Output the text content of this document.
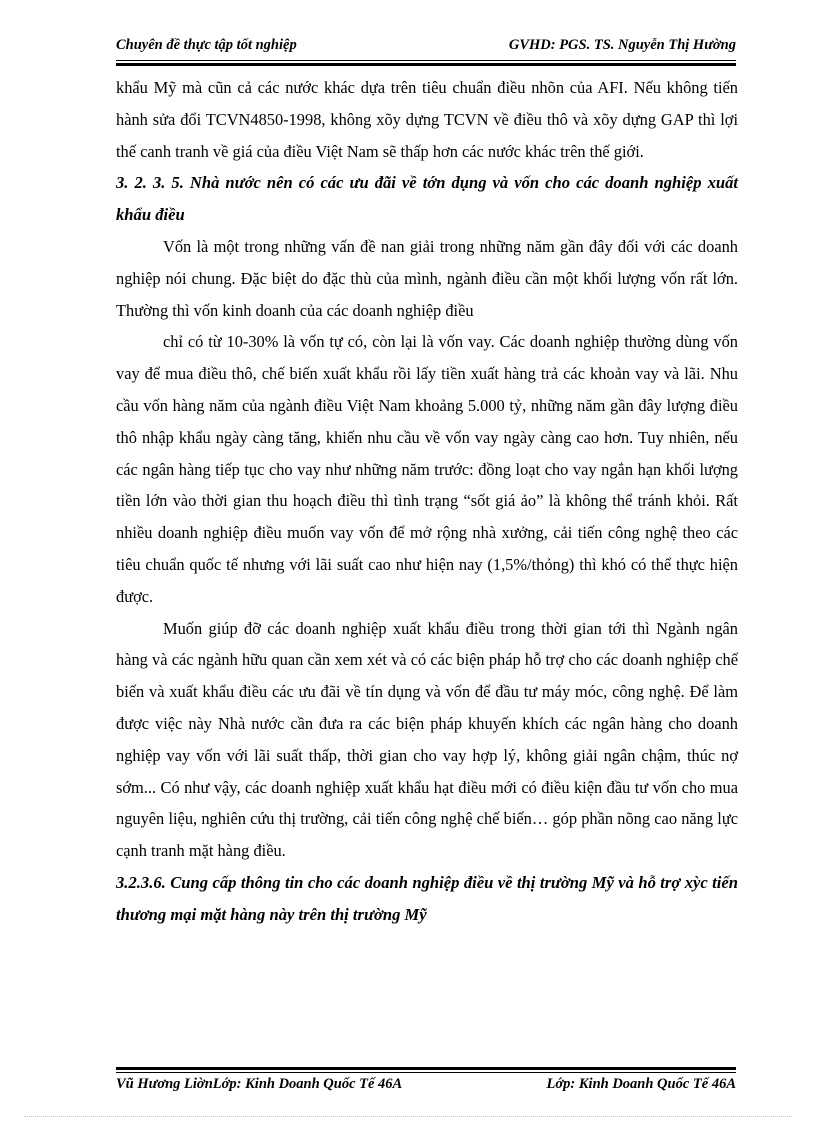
Chuyên đề thực tập tốt nghiệp	GVHD: PGS. TS. Nguyễn Thị Hường

khẩu Mỹ mà cũn cả các nước khác dựa trên tiêu chuẩn điều nhõn của AFI. Nếu không tiến hành sửa đổi TCVN4850-1998, không xõy dựng TCVN về điều thô và xõy dựng GAP thì lợi thế canh tranh về giá của điều Việt Nam sẽ thấp hơn các nước khác trên thế giới.

3. 2. 3. 5. Nhà nước nên có các ưu đãi về tớn dụng và vốn cho các doanh nghiệp xuất khẩu điều

Vốn là một trong những vấn đề nan giải trong những năm gần đây đối với các doanh nghiệp nói chung. Đặc biệt do đặc thù của mình, ngành điều cần một khối lượng vốn rất lớn. Thường thì vốn kinh doanh của các doanh nghiệp điều

chỉ có từ 10-30% là vốn tự có, còn lại là vốn vay. Các doanh nghiệp thường dùng vốn vay để mua điều thô, chế biến xuất khẩu rồi lấy tiền xuất hàng trả các khoản vay và lãi. Nhu cầu vốn hàng năm của ngành điều Việt Nam khoảng 5.000 tỷ, những năm gần đây lượng điều thô nhập khẩu ngày càng tăng, khiến nhu cầu về vốn vay ngày càng cao hơn. Tuy nhiên, nếu các ngân hàng tiếp tục cho vay như những năm trước: đồng loạt cho vay ngắn hạn khối lượng tiền lớn vào thời gian thu hoạch điều thì tình trạng “sốt giá ảo” là không thể tránh khỏi. Rất nhiều doanh nghiệp điều muốn vay vốn để mở rộng nhà xưởng, cải tiến công nghệ theo các tiêu chuẩn quốc tế nhưng với lãi suất cao như hiện nay (1,5%/thỏng) thì khó có thể thực hiện được.

Muốn giúp đỡ các doanh nghiệp xuất khẩu điều trong thời gian tới thì Ngành ngân hàng và các ngành hữu quan cần xem xét và có các biện pháp hỗ trợ cho các doanh nghiệp chế biến và xuất khẩu điều các ưu đãi về tín dụng và vốn để đầu tư máy móc, công nghệ. Để làm được việc này Nhà nước cần đưa ra các biện pháp khuyến khích các ngân hàng cho doanh nghiệp vay vốn với lãi suất thấp, thời gian cho vay hợp lý, không giải ngân chậm, thúc nợ sớm... Có như vậy, các doanh nghiệp xuất khẩu hạt điều mới có điều kiện đầu tư vốn cho mua nguyên liệu, nghiên cứu thị trường, cải tiến công nghệ chế biến… góp phần nõng cao năng lực cạnh tranh mặt hàng điều.

3.2.3.6. Cung cấp thông tin cho các doanh nghiệp điều về thị trường Mỹ và hỗ trợ xỳc tiến thương mại mặt hàng này trên thị trường Mỹ

Vũ Hương LiờnLớp: Kinh Doanh Quốc Tế 46A	Lớp: Kinh Doanh Quốc Tế 46A
